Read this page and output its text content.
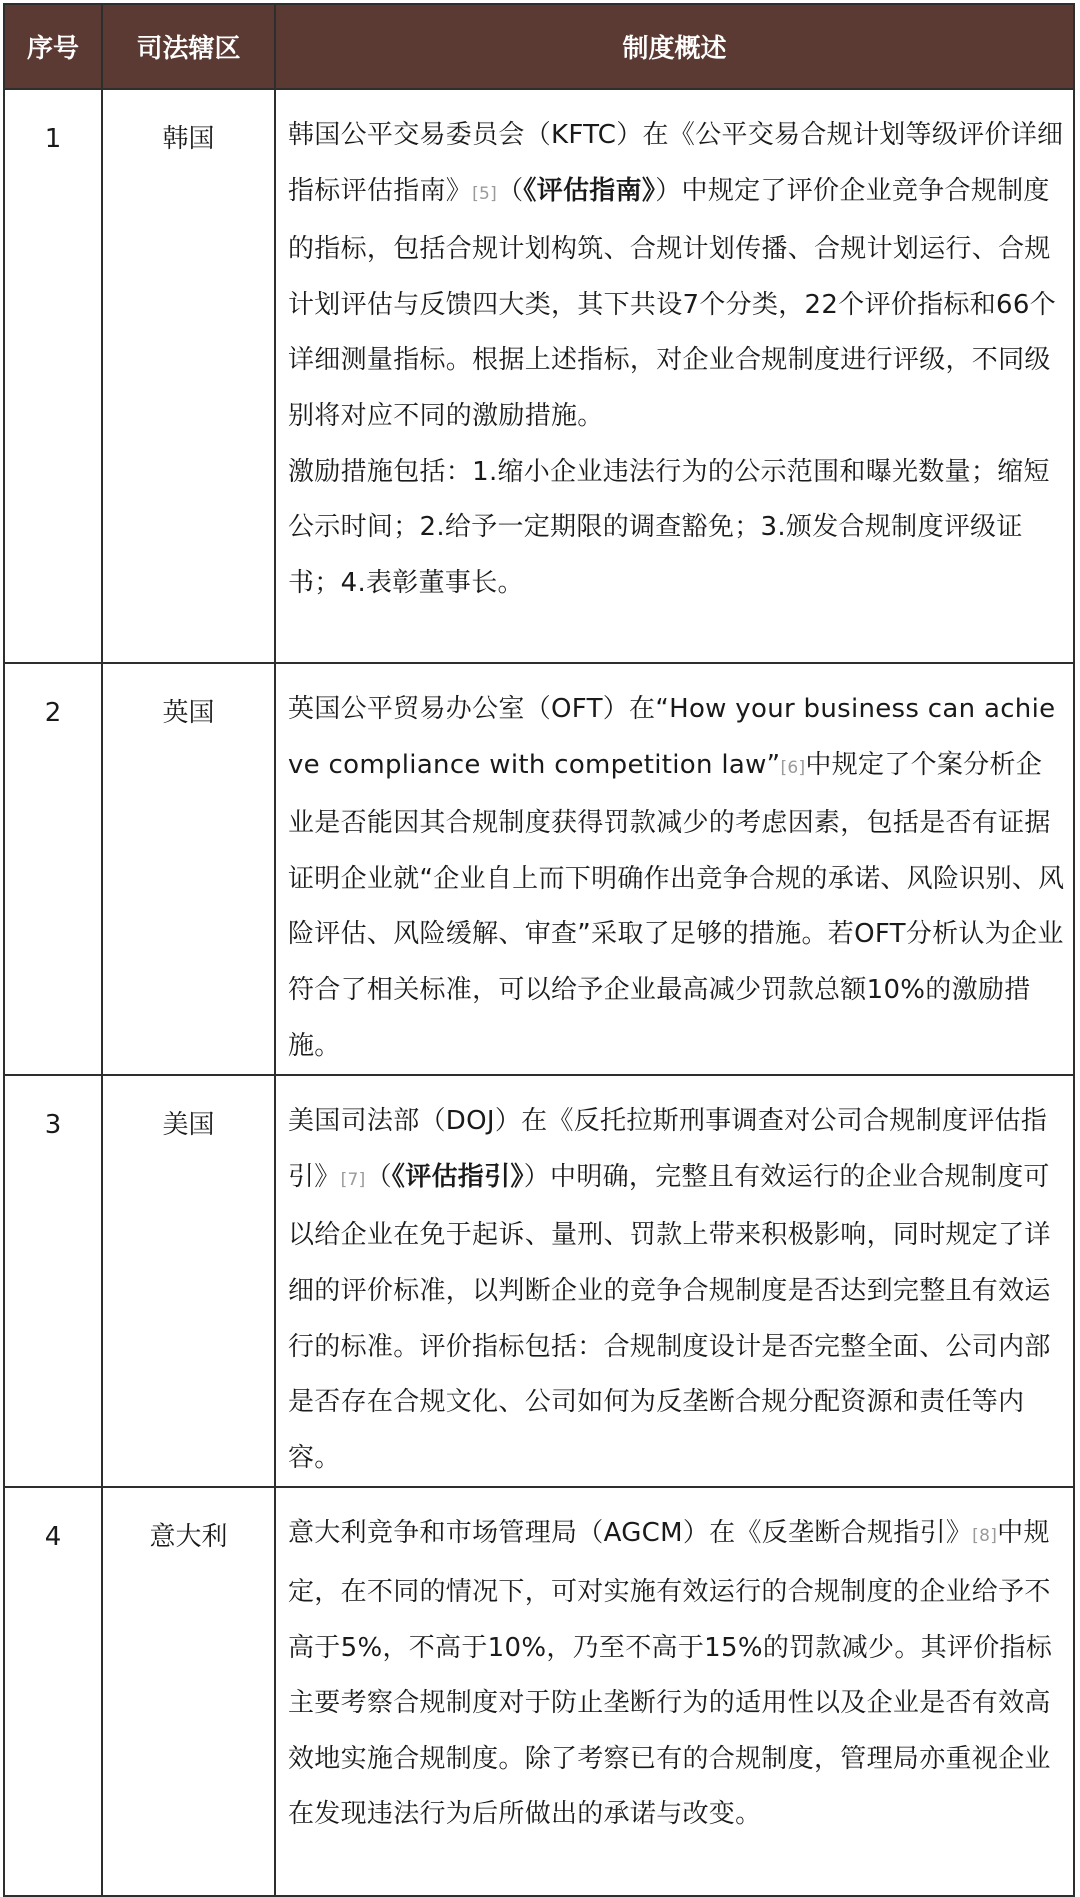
序号	司法辖区	制度概述
1	韩国	韩国公平交易委员会（KFTC）在《公平交易合规计划等级评价详细指标评估指南》[5]（《评估指南》）中规定了评价企业竞争合规制度的指标，包括合规计划构筑、合规计划传播、合规计划运行、合规计划评估与反馈四大类，其下共设7个分类，22个评价指标和66个详细测量指标。根据上述指标，对企业合规制度进行评级，不同级别将对应不同的激励措施。

激励措施包括：1.缩小企业违法行为的公示范围和曝光数量；缩短公示时间；2.给予一定期限的调查豁免；3.颁发合规制度评级证书；4.表彰董事长。

2	英国	英国公平贸易办公室（OFT）在“How your business can achieve compliance with competition law”[6]中规定了个案分析企业是否能因其合规制度获得罚款减少的考虑因素，包括是否有证据证明企业就“企业自上而下明确作出竞争合规的承诺、风险识别、风险评估、风险缓解、审查”采取了足够的措施。若OFT分析认为企业符合了相关标准，可以给予企业最高减少罚款总额10%的激励措施。

3	美国	美国司法部（DOJ）在《反托拉斯刑事调查对公司合规制度评估指引》[7]（《评估指引》）中明确，完整且有效运行的企业合规制度可以给企业在免于起诉、量刑、罚款上带来积极影响，同时规定了详细的评价标准，以判断企业的竞争合规制度是否达到完整且有效运行的标准。评价指标包括：合规制度设计是否完整全面、公司内部是否存在合规文化、公司如何为反垄断合规分配资源和责任等内容。

4	意大利	意大利竞争和市场管理局（AGCM）在《反垄断合规指引》[8]中规定，在不同的情况下，可对实施有效运行的合规制度的企业给予不高于5%，不高于10%，乃至不高于15%的罚款减少。其评价指标主要考察合规制度对于防止垄断行为的适用性以及企业是否有效高效地实施合规制度。除了考察已有的合规制度，管理局亦重视企业在发现违法行为后所做出的承诺与改变。
